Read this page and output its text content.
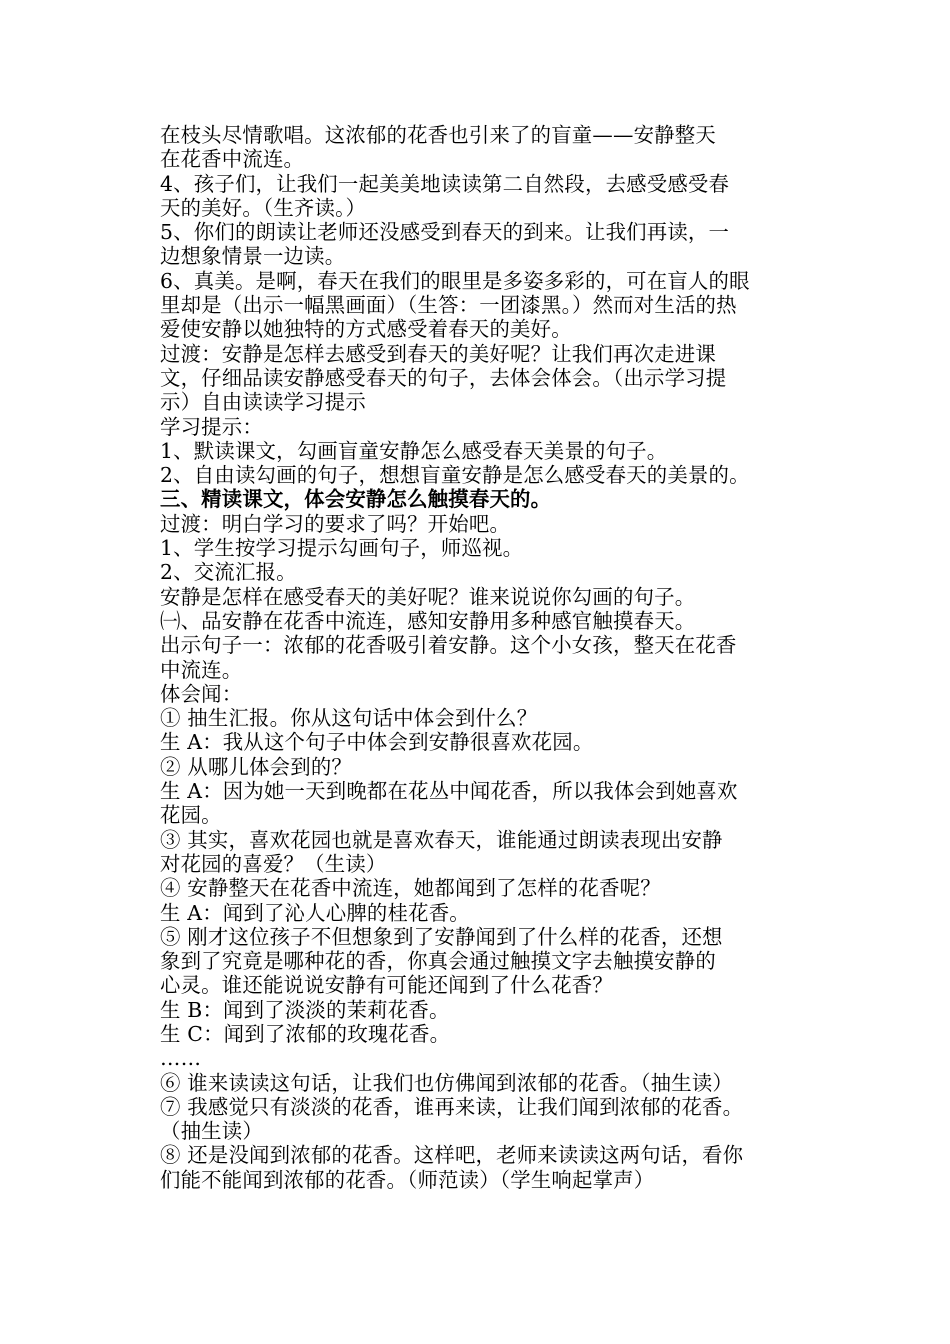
在枝头尽情歌唱。这浓郁的花香也引来了的盲童——安静整天
在花香中流连。
4、孩子们，让我们一起美美地读读第二自然段，去感受感受春
天的美好。（生齐读。）
5、你们的朗读让老师还没感受到春天的到来。让我们再读，一
边想象情景一边读。
6、真美。是啊，春天在我们的眼里是多姿多彩的，可在盲人的眼
里却是（出示一幅黑画面）（生答：一团漆黑。）然而对生活的热
爱使安静以她独特的方式感受着春天的美好。
过渡：安静是怎样去感受到春天的美好呢？让我们再次走进课
文，仔细品读安静感受春天的句子，去体会体会。（出示学习提
示）自由读读学习提示
学习提示：
1、默读课文，勾画盲童安静怎么感受春天美景的句子。
2、自由读勾画的句子，想想盲童安静是怎么感受春天的美景的。
三、精读课文，体会安静怎么触摸春天的。
过渡：明白学习的要求了吗？开始吧。
1、学生按学习提示勾画句子，师巡视。
2、交流汇报。
安静是怎样在感受春天的美好呢？谁来说说你勾画的句子。
㈠、品安静在花香中流连，感知安静用多种感官触摸春天。
出示句子一：浓郁的花香吸引着安静。这个小女孩，整天在花香
中流连。
体会闻：
① 抽生汇报。你从这句话中体会到什么？
生 A：我从这个句子中体会到安静很喜欢花园。
② 从哪儿体会到的？
生 A：因为她一天到晚都在花丛中闻花香，所以我体会到她喜欢
花园。
③ 其实，喜欢花园也就是喜欢春天，谁能通过朗读表现出安静
对花园的喜爱？（生读）
④ 安静整天在花香中流连，她都闻到了怎样的花香呢？
生 A：闻到了沁人心脾的桂花香。
⑤ 刚才这位孩子不但想象到了安静闻到了什么样的花香，还想
象到了究竟是哪种花的香，你真会通过触摸文字去触摸安静的
心灵。谁还能说说安静有可能还闻到了什么花香？
生 B：闻到了淡淡的茉莉花香。
生 C：闻到了浓郁的玫瑰花香。
……
⑥ 谁来读读这句话，让我们也仿佛闻到浓郁的花香。（抽生读）
⑦ 我感觉只有淡淡的花香，谁再来读，让我们闻到浓郁的花香。
（抽生读）
⑧ 还是没闻到浓郁的花香。这样吧，老师来读读这两句话，看你
们能不能闻到浓郁的花香。（师范读）（学生响起掌声）
